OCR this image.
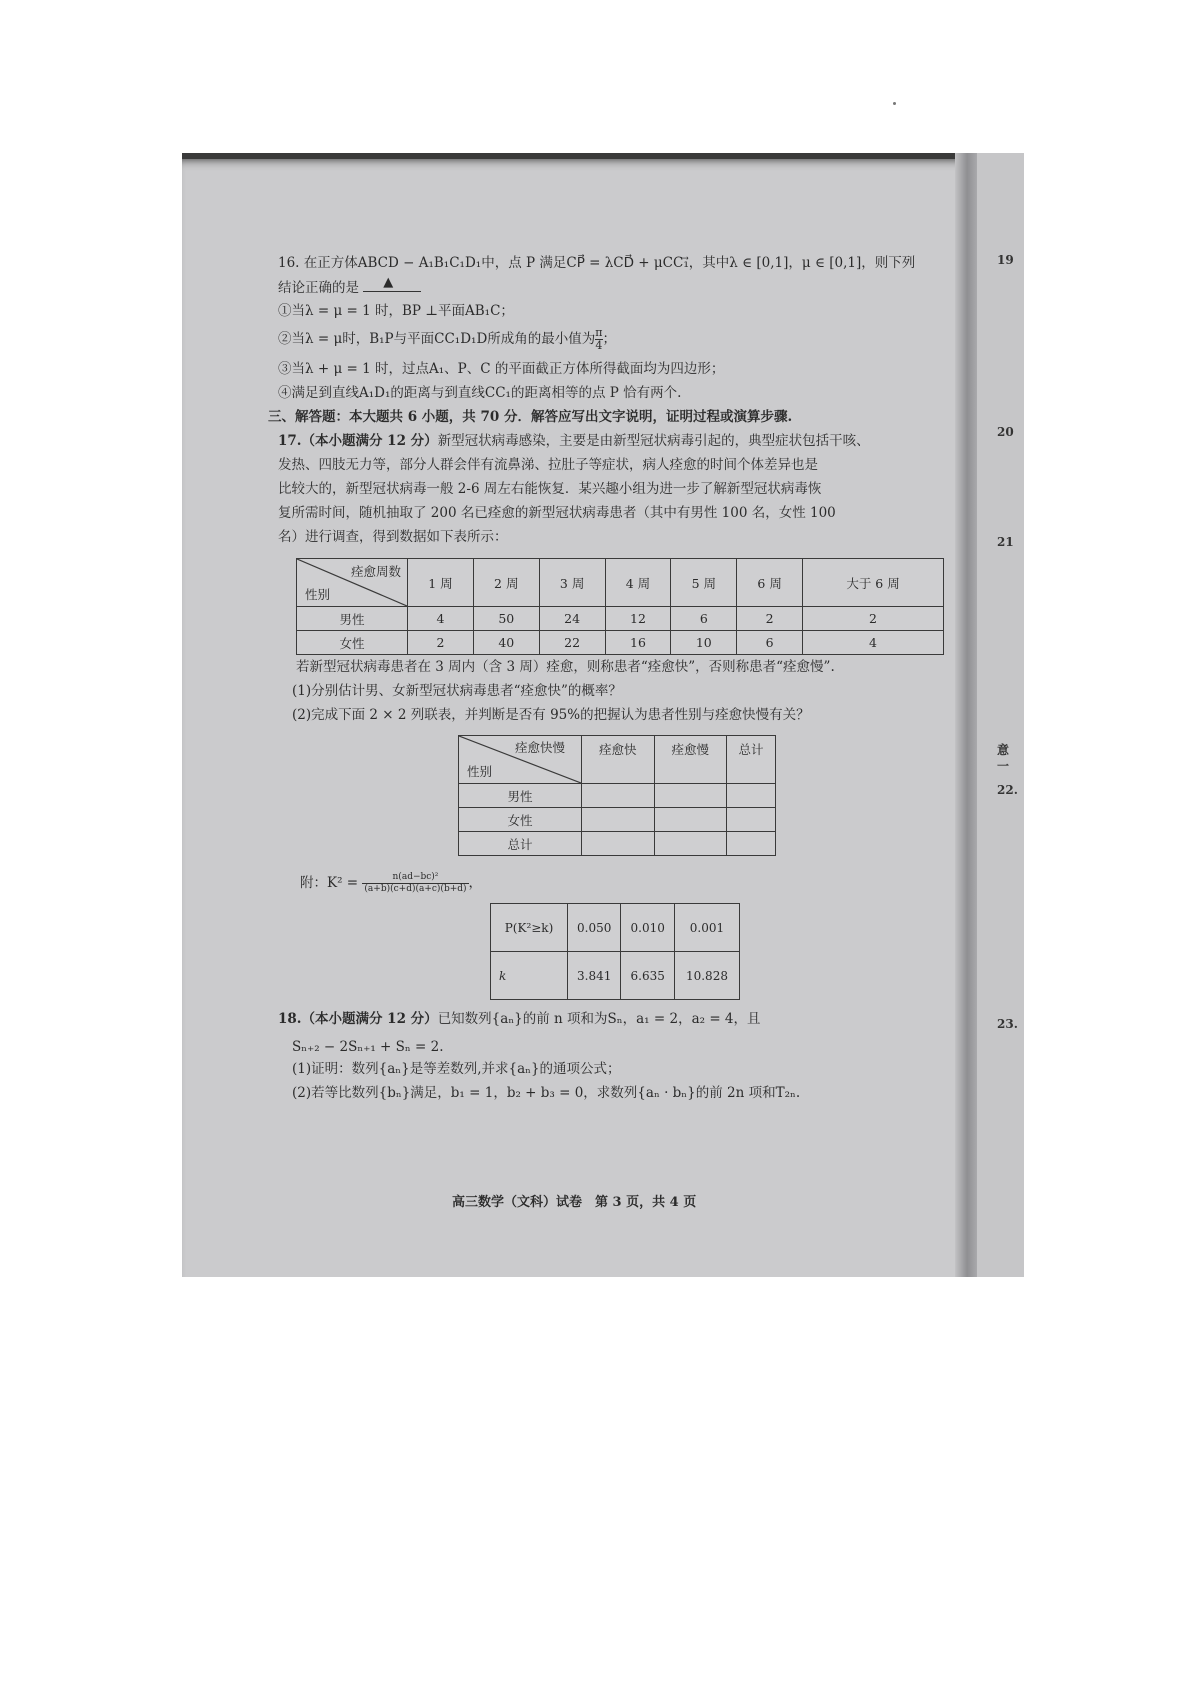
16. 在正方体ABCD − A₁B₁C₁D₁中，点 P 满足CP⃗ = λCD⃗ + μCC₁⃗，其中λ ∈ [0,1]，μ ∈ [0,1]，则下列
结论正确的是 ▲
①当λ = μ = 1 时，BP ⊥平面AB₁C；
②当λ = μ时，B₁P与平面CC₁D₁D所成角的最小值为 $\frac{\pi}{4}$ ；
③当λ + μ = 1 时，过点A₁、P、C 的平面截正方体所得截面均为四边形；
④满足到直线A₁D₁的距离与到直线CC₁的距离相等的点 P 恰有两个.
三、解答题：本大题共 6 小题，共 70 分．解答应写出文字说明，证明过程或演算步骤.
17.（本小题满分 12 分）新型冠状病毒感染，主要是由新型冠状病毒引起的，典型症状包括干咳、
发热、四肢无力等，部分人群会伴有流鼻涕、拉肚子等症状，病人痊愈的时间个体差异也是
比较大的，新型冠状病毒一般 2-6 周左右能恢复．某兴趣小组为进一步了解新型冠状病毒恢
复所需时间，随机抽取了 200 名已痊愈的新型冠状病毒患者（其中有男性 100 名，女性 100
名）进行调查，得到数据如下表所示：
痊愈周数
性别	1 周	2 周	3 周	4 周	5 周	6 周	大于 6 周
男性	4	50	24	12	6	2	2
女性	2	40	22	16	10	6	4
若新型冠状病毒患者在 3 周内（含 3 周）痊愈，则称患者“痊愈快”，否则称患者“痊愈慢”.
(1)分别估计男、女新型冠状病毒患者“痊愈快”的概率？
(2)完成下面 2 × 2 列联表，并判断是否有 95%的把握认为患者性别与痊愈快慢有关？
痊愈快慢
性别	痊愈快	痊愈慢	总计
男性			
女性			
总计			
附：$K^2 = \frac{\text{n(ad−bc)²}}{(a+b)(c+d)(a+c)(b+d)}$ ，
P(K²≥k)	0.050	0.010	0.001
k	3.841	6.635	10.828
18.（本小题满分 12 分）已知数列{aₙ}的前 n 项和为Sₙ，a₁ = 2，a₂ = 4，且
Sₙ₊₂ − 2Sₙ₊₁ + Sₙ = 2.
(1)证明：数列{aₙ}是等差数列,并求{aₙ}的通项公式；
(2)若等比数列{bₙ}满足，b₁ = 1，b₂ + b₃ = 0，求数列{aₙ · bₙ}的前 2n 项和T₂ₙ.
高三数学（文科）试卷　第 3 页，共 4 页
19
20
21
意
一
22.
23.
